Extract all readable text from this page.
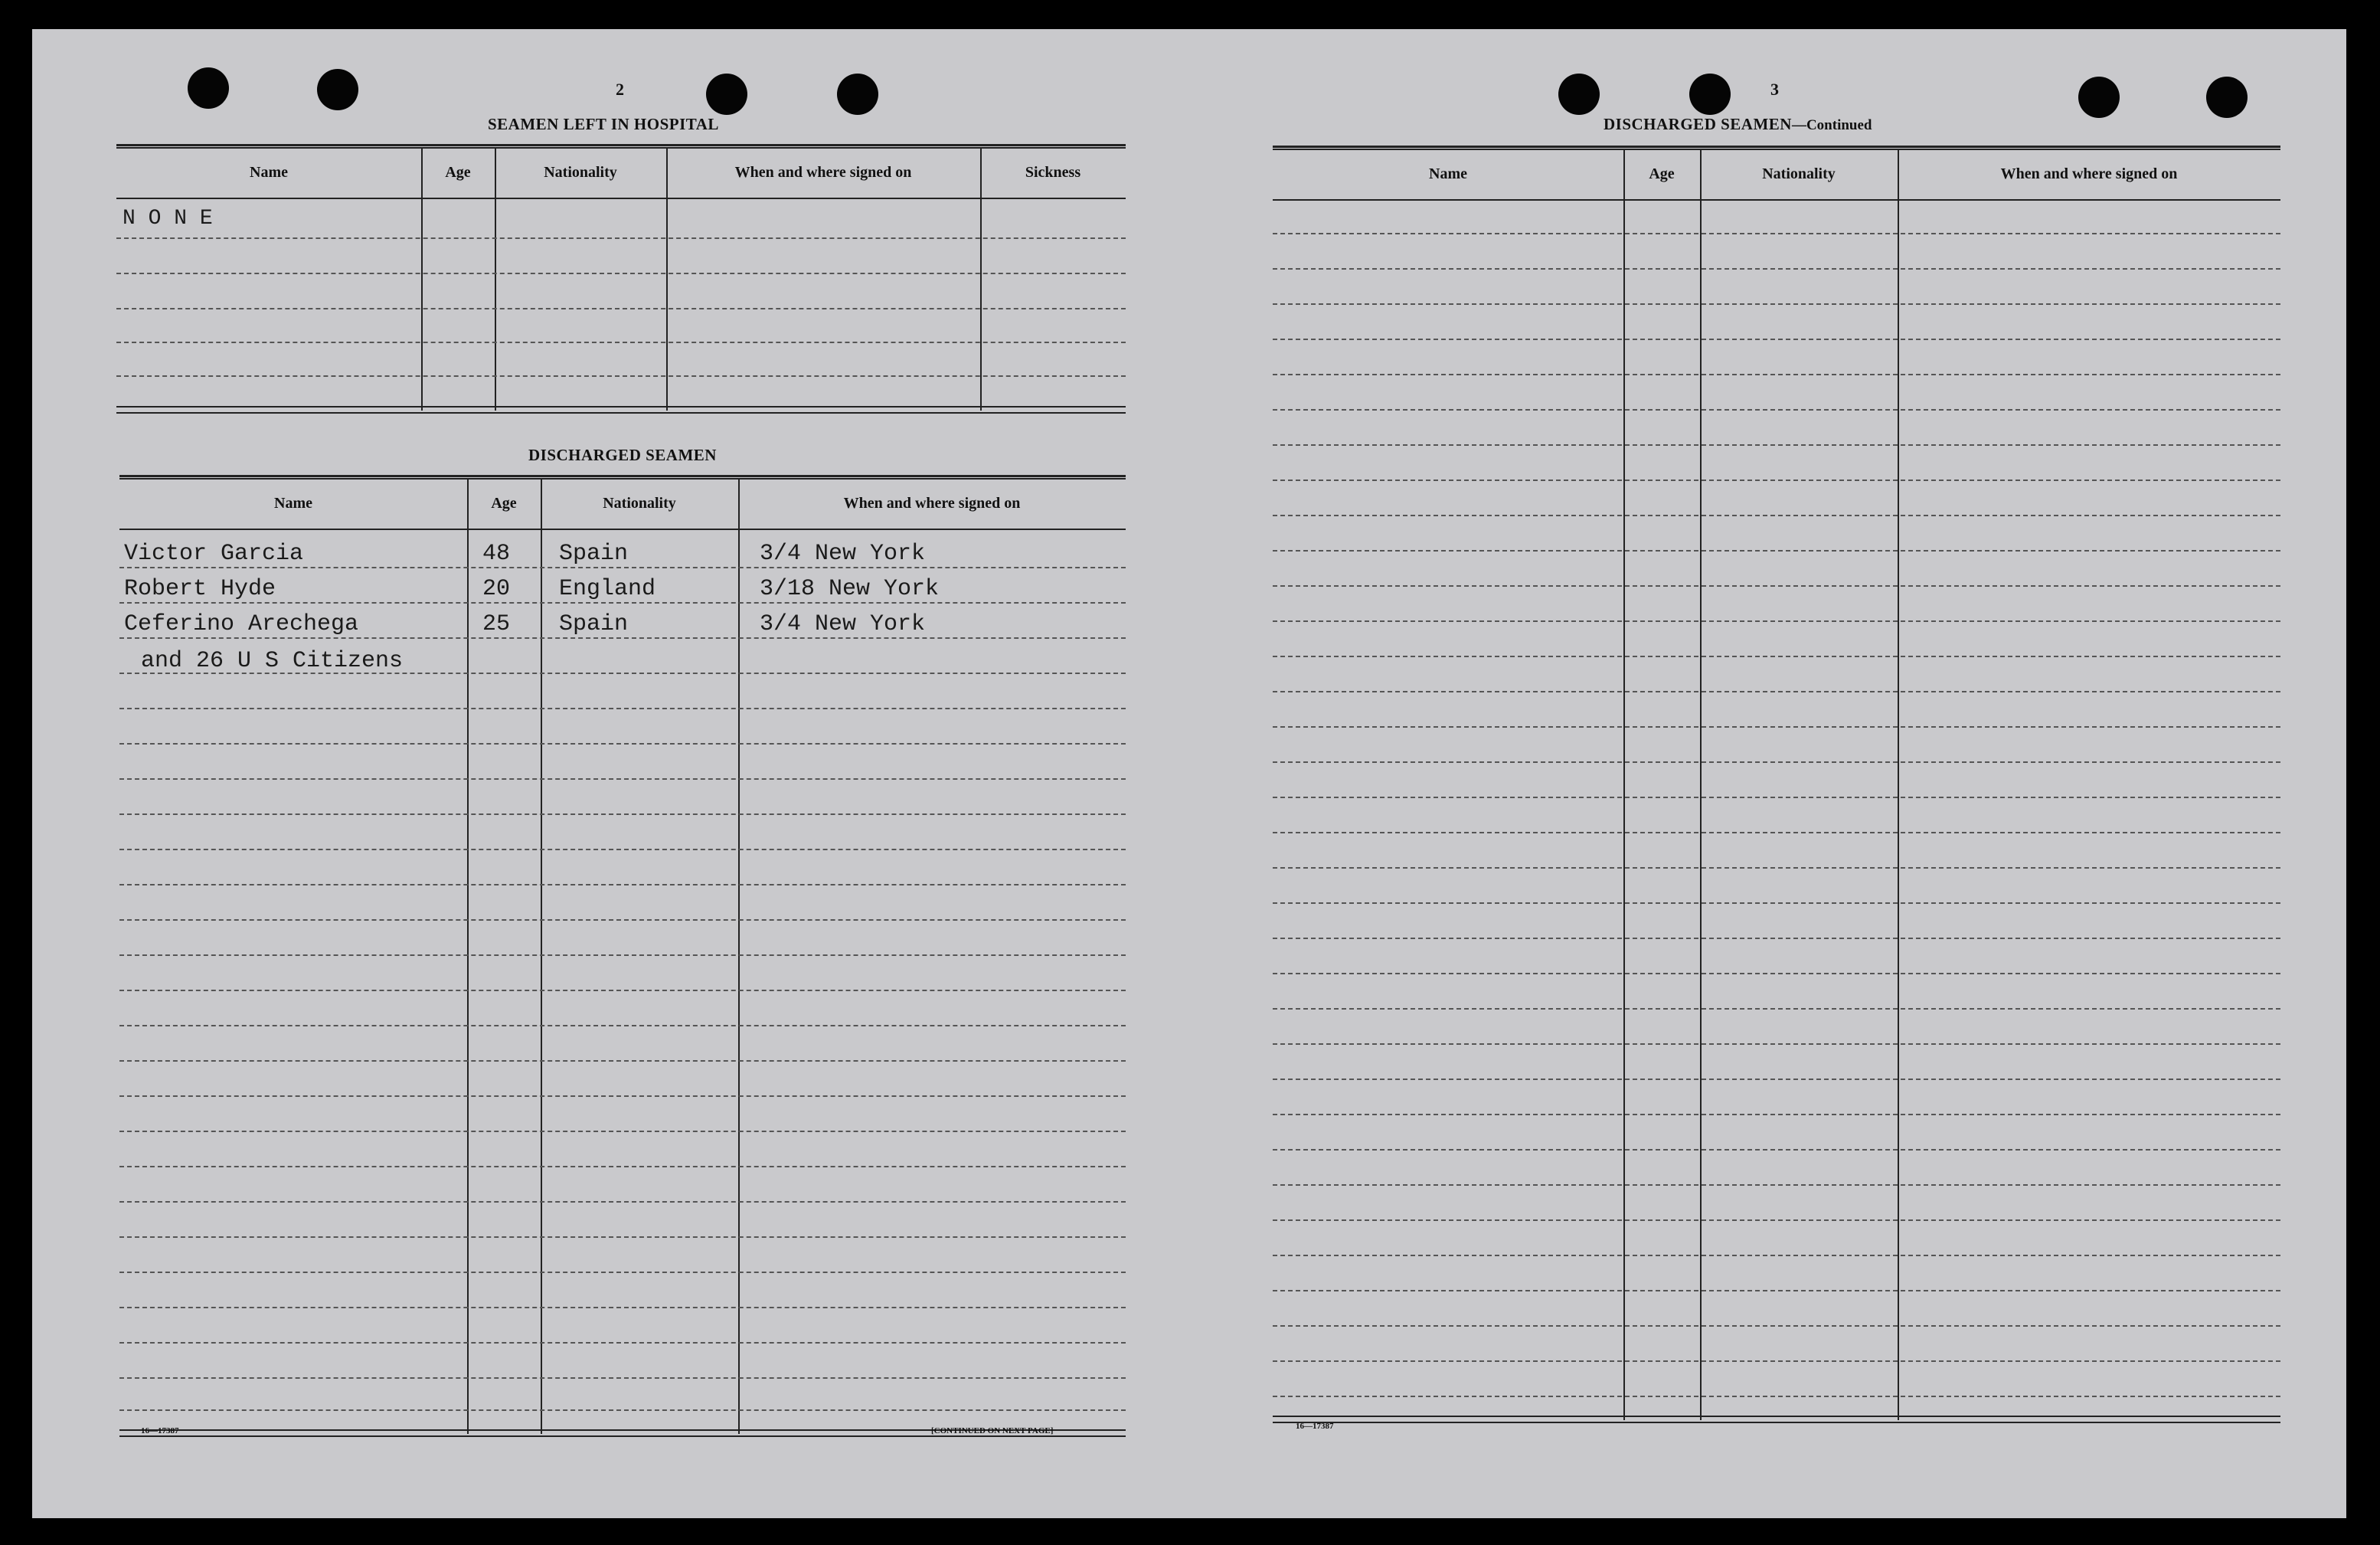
2
SEAMEN LEFT IN HOSPITAL
Name	Age	Nationality	When and where signed on	Sickness
N O N E
DISCHARGED SEAMEN
Name	Age	Nationality	When and where signed on
Victor Garcia	48 Spain	3/4 New York
Robert Hyde	20 England	3/18 New York
Ceferino Arechega	25 Spain	3/4 New York
and 26 U S Citizens
16—17387	[CONTINUED ON NEXT PAGE]
3
DISCHARGED SEAMEN—Continued
Name	Age	Nationality	When and where signed on
16—17387
